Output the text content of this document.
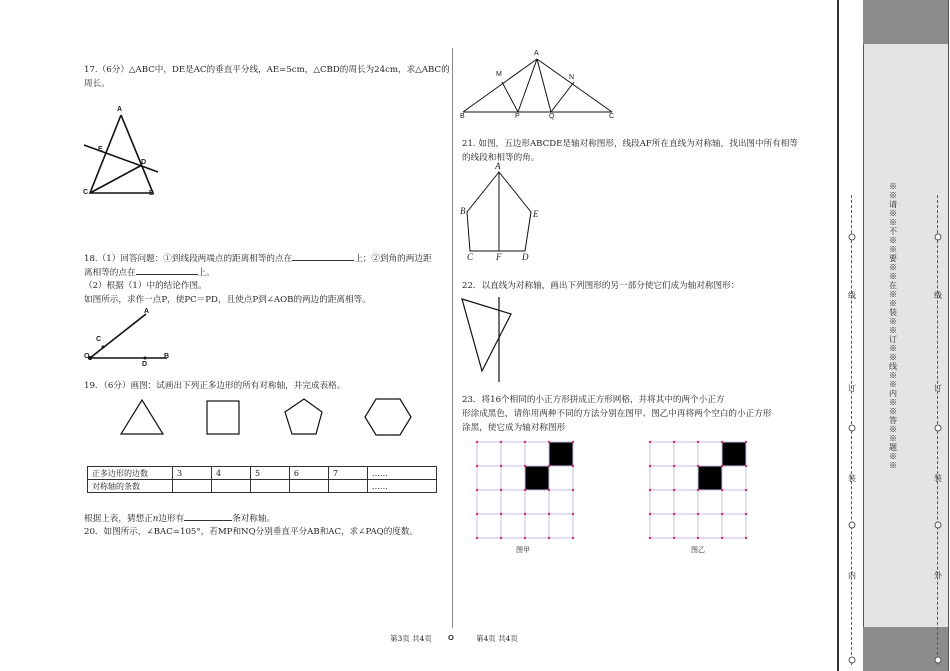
17.（6分）△ABC中，DE是AC的垂直平分线，AE=5cm，△CBD的周长为24cm，求△ABC的
周长。
A
E
D
C	B
18.（1）回答问题：①到线段两端点的距离相等的点在	上；②到角的两边距
离相等的点在	上。
（2）根据（1）中的结论作图。
如图所示，求作一点P，使PC＝PD，且使点P到∠AOB的两边的距离相等。
A
C
O
D
B
19．（6分）画图：试画出下列正多边形的所有对称轴，并完成表格。
正多边形的边数	3	4	5	6	7	……
对称轴的条数						……
根据上表，猜想正n边形有	条对称轴。
20．如图所示，∠BAC=105°，若MP和NQ分别垂直平分AB和AC，求∠PAQ的度数。
A
M	N
B	P	Q	C
21. 如图，五边形ABCDE是轴对称图形，线段AF所在直线为对称轴，找出图中所有相等
的线段和相等的角。
A
B	E
C	F D
22．以直线为对称轴，画出下列图形的另一部分使它们成为轴对称图形：
23．将16个相同的小正方形拼成正方形网格，并将其中的两个小正方
形涂成黑色，请你用两种不同的方法分别在图甲、图乙中再将两个空白的小正方形
涂黑，使它成为轴对称图形
图甲	图乙
第3页 共4页 O	第4页 共4页
※※请※※不※※要※※在※※装※※订※※线※※内※※答※※题※※
线
订
装
内
线
订
装
外
